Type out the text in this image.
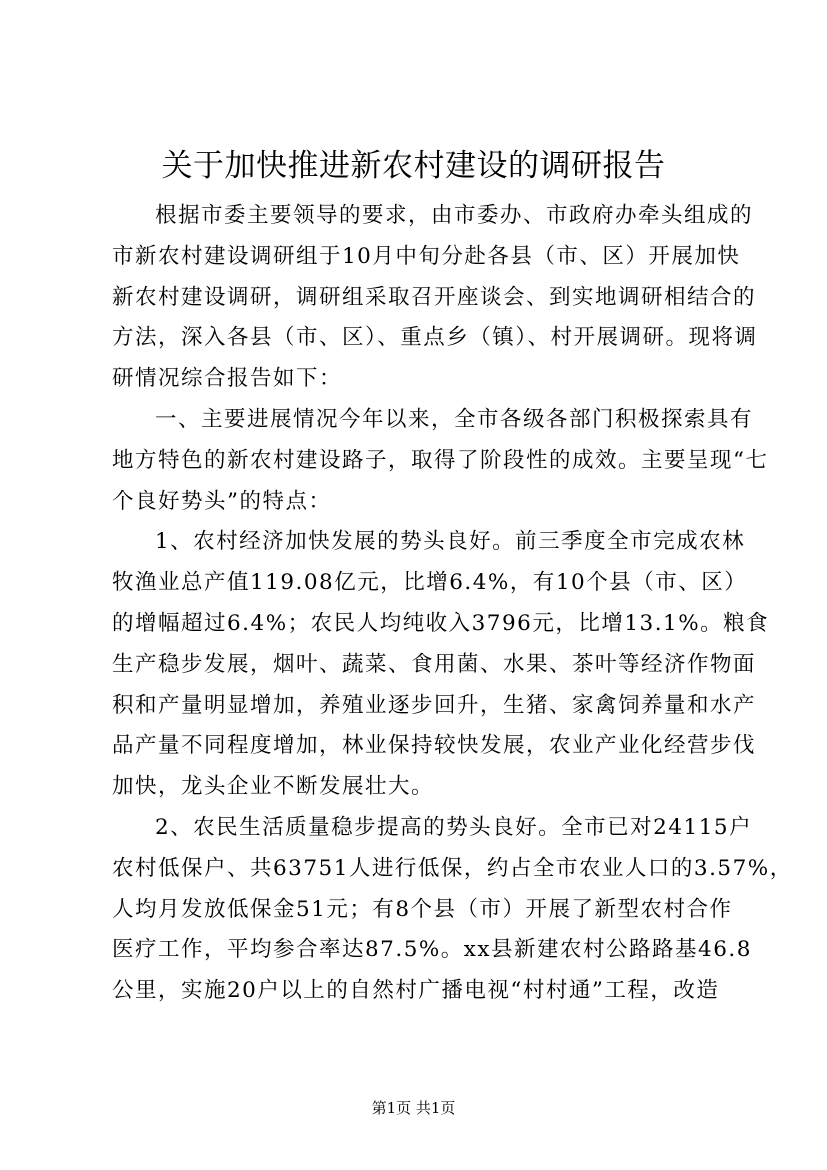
关于加快推进新农村建设的调研报告
根据市委主要领导的要求，由市委办、市政府办牵头组成的
市新农村建设调研组于10月中旬分赴各县（市、区）开展加快
新农村建设调研，调研组采取召开座谈会、到实地调研相结合的
方法，深入各县（市、区）、重点乡（镇）、村开展调研。现将调
研情况综合报告如下：
一、主要进展情况今年以来，全市各级各部门积极探索具有
地方特色的新农村建设路子，取得了阶段性的成效。主要呈现“七
个良好势头”的特点：
1、农村经济加快发展的势头良好。前三季度全市完成农林
牧渔业总产值119.08亿元，比增6.4%，有10个县（市、区）
的增幅超过6.4%；农民人均纯收入3796元，比增13.1%。粮食
生产稳步发展，烟叶、蔬菜、食用菌、水果、茶叶等经济作物面
积和产量明显增加，养殖业逐步回升，生猪、家禽饲养量和水产
品产量不同程度增加，林业保持较快发展，农业产业化经营步伐
加快，龙头企业不断发展壮大。
2、农民生活质量稳步提高的势头良好。全市已对24115户
农村低保户、共63751人进行低保，约占全市农业人口的3.57%，
人均月发放低保金51元；有8个县（市）开展了新型农村合作
医疗工作，平均参合率达87.5%。xx县新建农村公路路基46.8
公里，实施20户以上的自然村广播电视“村村通”工程，改造
第1页 共1页
